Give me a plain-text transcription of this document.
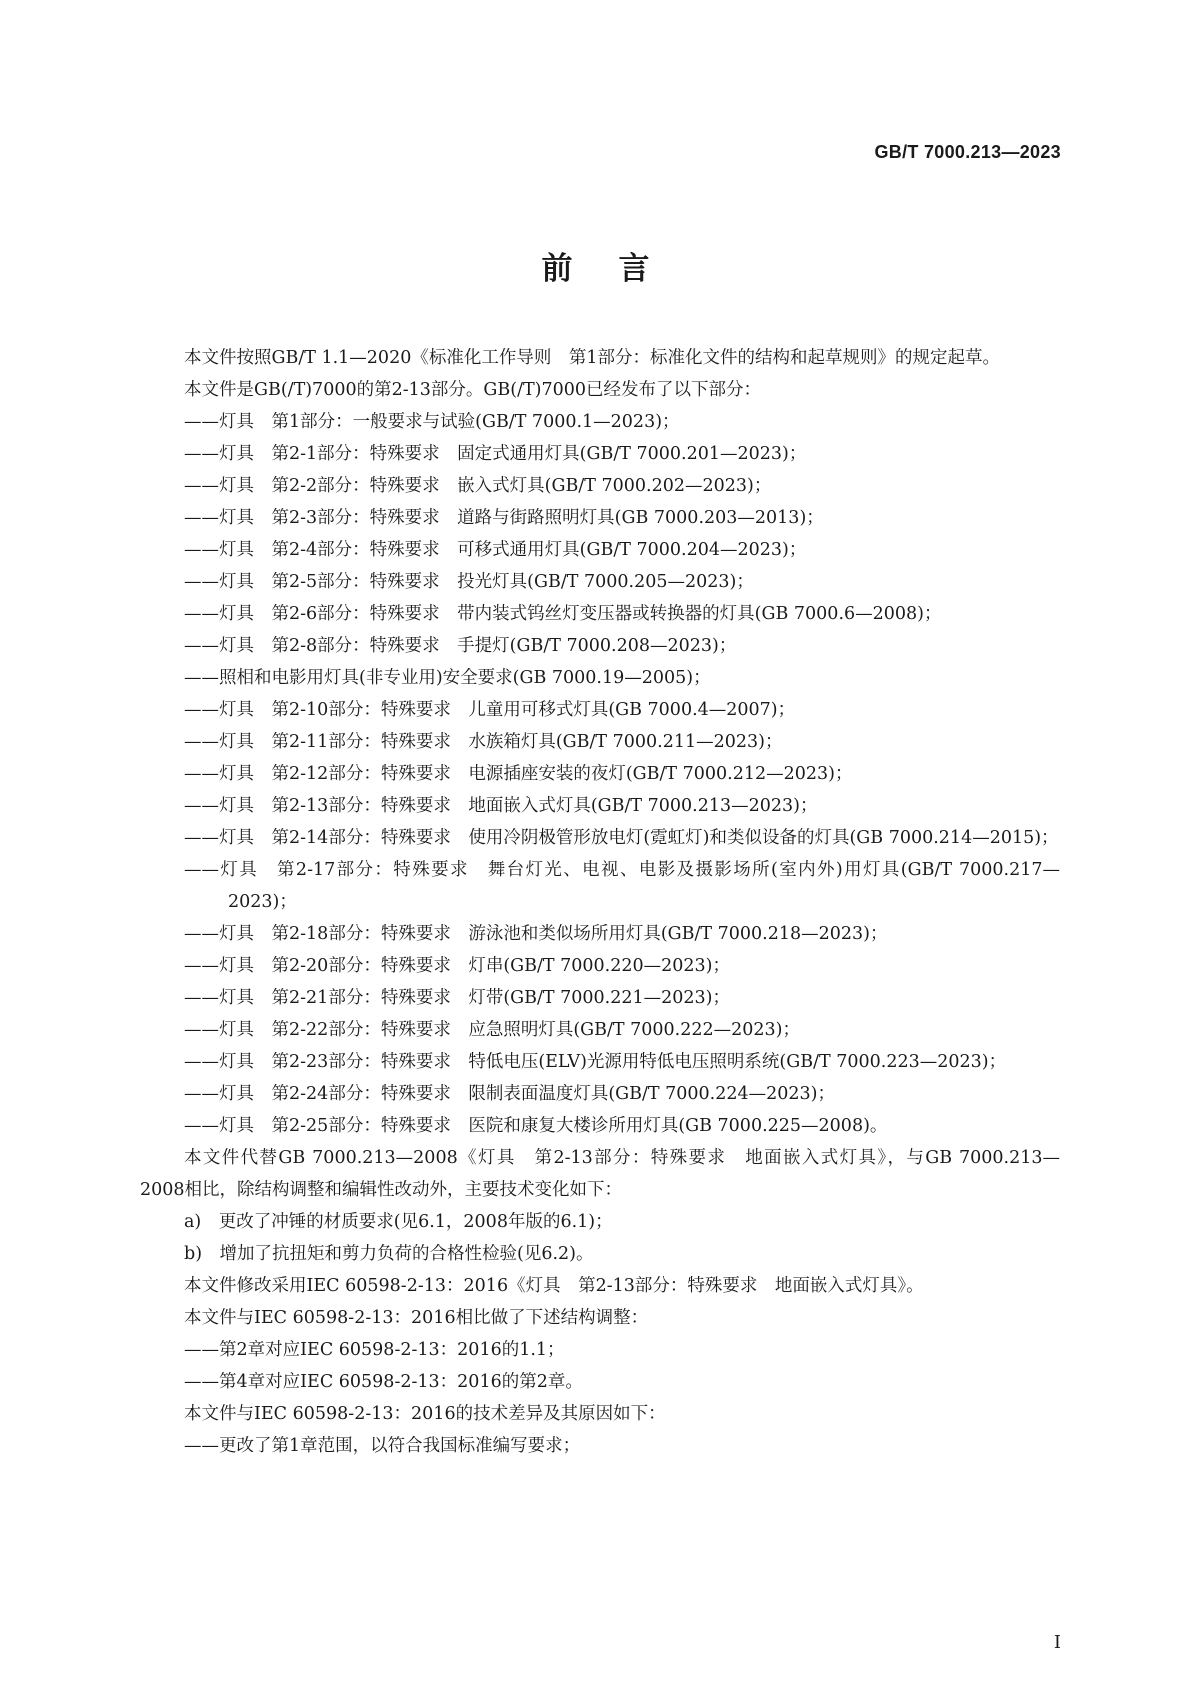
GB/T 7000.213—2023
前言
本文件按照GB/T 1.1—2020《标准化工作导则　第1部分：标准化文件的结构和起草规则》的规定起草。
本文件是GB(/T)7000的第2-13部分。GB(/T)7000已经发布了以下部分：
——灯具　第1部分：一般要求与试验(GB/T 7000.1—2023)；
——灯具　第2-1部分：特殊要求　固定式通用灯具(GB/T 7000.201—2023)；
——灯具　第2-2部分：特殊要求　嵌入式灯具(GB/T 7000.202—2023)；
——灯具　第2-3部分：特殊要求　道路与街路照明灯具(GB 7000.203—2013)；
——灯具　第2-4部分：特殊要求　可移式通用灯具(GB/T 7000.204—2023)；
——灯具　第2-5部分：特殊要求　投光灯具(GB/T 7000.205—2023)；
——灯具　第2-6部分：特殊要求　带内装式钨丝灯变压器或转换器的灯具(GB 7000.6—2008)；
——灯具　第2-8部分：特殊要求　手提灯(GB/T 7000.208—2023)；
——照相和电影用灯具(非专业用)安全要求(GB 7000.19—2005)；
——灯具　第2-10部分：特殊要求　儿童用可移式灯具(GB 7000.4—2007)；
——灯具　第2-11部分：特殊要求　水族箱灯具(GB/T 7000.211—2023)；
——灯具　第2-12部分：特殊要求　电源插座安装的夜灯(GB/T 7000.212—2023)；
——灯具　第2-13部分：特殊要求　地面嵌入式灯具(GB/T 7000.213—2023)；
——灯具　第2-14部分：特殊要求　使用冷阴极管形放电灯(霓虹灯)和类似设备的灯具(GB 7000.214—2015)；
——灯具　第2-17部分：特殊要求　舞台灯光、电视、电影及摄影场所(室内外)用灯具(GB/T 7000.217—2023)；
——灯具　第2-18部分：特殊要求　游泳池和类似场所用灯具(GB/T 7000.218—2023)；
——灯具　第2-20部分：特殊要求　灯串(GB/T 7000.220—2023)；
——灯具　第2-21部分：特殊要求　灯带(GB/T 7000.221—2023)；
——灯具　第2-22部分：特殊要求　应急照明灯具(GB/T 7000.222—2023)；
——灯具　第2-23部分：特殊要求　特低电压(ELV)光源用特低电压照明系统(GB/T 7000.223—2023)；
——灯具　第2-24部分：特殊要求　限制表面温度灯具(GB/T 7000.224—2023)；
——灯具　第2-25部分：特殊要求　医院和康复大楼诊所用灯具(GB 7000.225—2008)。
本文件代替GB 7000.213—2008《灯具　第2-13部分：特殊要求　地面嵌入式灯具》，与GB 7000.213—2008相比，除结构调整和编辑性改动外，主要技术变化如下：
a)　更改了冲锤的材质要求(见6.1，2008年版的6.1)；
b)　增加了抗扭矩和剪力负荷的合格性检验(见6.2)。
本文件修改采用IEC 60598-2-13：2016《灯具　第2-13部分：特殊要求　地面嵌入式灯具》。
本文件与IEC 60598-2-13：2016相比做了下述结构调整：
——第2章对应IEC 60598-2-13：2016的1.1；
——第4章对应IEC 60598-2-13：2016的第2章。
本文件与IEC 60598-2-13：2016的技术差异及其原因如下：
——更改了第1章范围，以符合我国标准编写要求；
I
